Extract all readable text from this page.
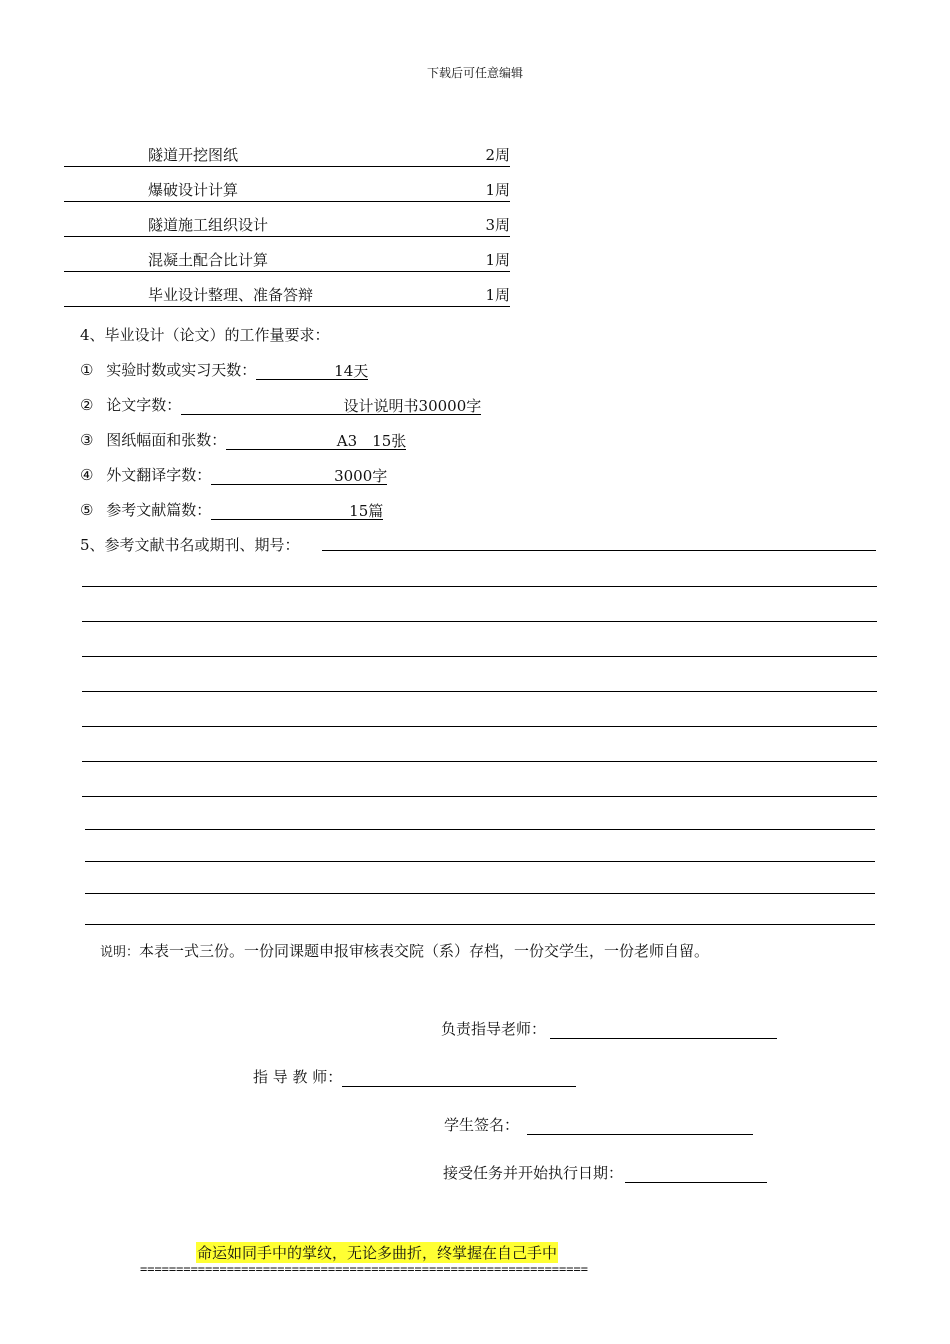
下载后可任意编辑
隧道开挖图纸	2周
爆破设计计算	1周
隧道施工组织设计	3周
混凝土配合比计算	1周
毕业设计整理、准备答辩	1周
4、毕业设计（论文）的工作量要求：
① 实验时数或实习天数：	14天
② 论文字数：	设计说明书30000字
③ 图纸幅面和张数：	A3　15张
④ 外文翻译字数：	3000字
⑤ 参考文献篇数：	15篇
5、参考文献书名或期刊、期号：
说明：本表一式三份。一份同课题申报审核表交院（系）存档，一份交学生，一份老师自留。
负责指导老师：
指 导 教 师：
学生签名：
接受任务并开始执行日期：
命运如同手中的掌纹，无论多曲折，终掌握在自己手中
==============================================================
